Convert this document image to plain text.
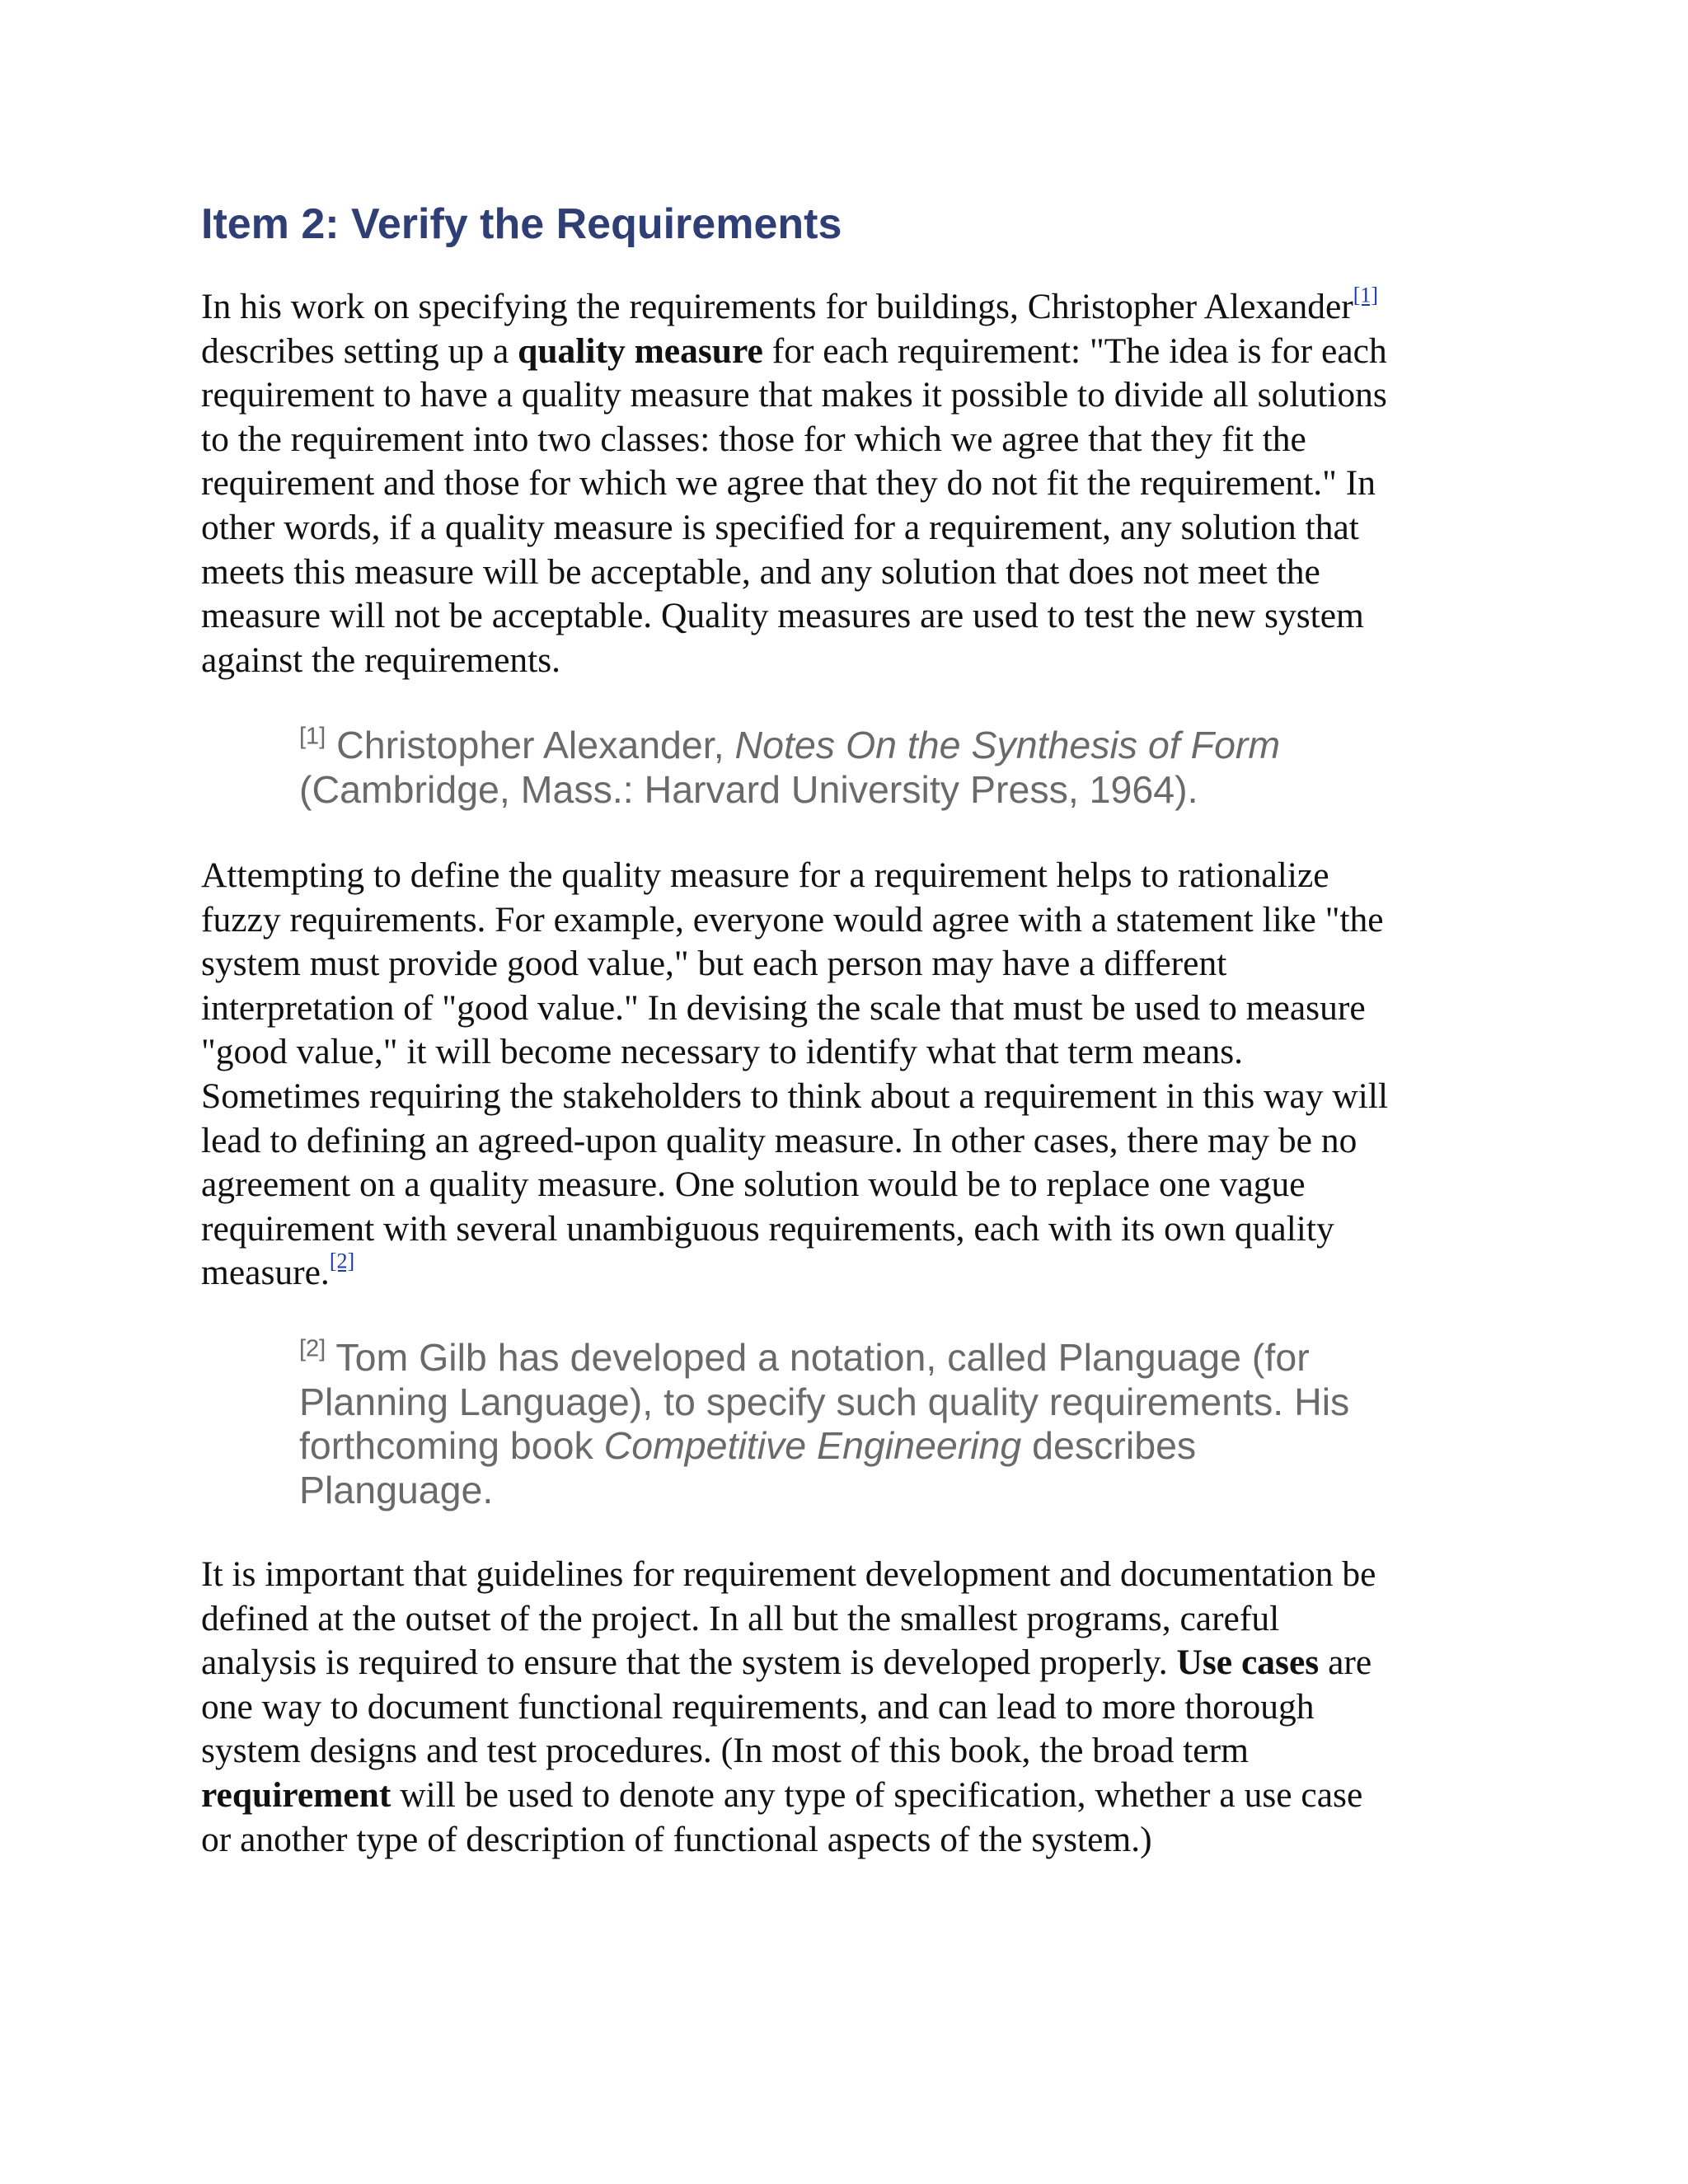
Item 2: Verify the Requirements

In his work on specifying the requirements for buildings, Christopher Alexander[1]
describes setting up a quality measure for each requirement: "The idea is for each
requirement to have a quality measure that makes it possible to divide all solutions
to the requirement into two classes: those for which we agree that they fit the
requirement and those for which we agree that they do not fit the requirement." In
other words, if a quality measure is specified for a requirement, any solution that
meets this measure will be acceptable, and any solution that does not meet the
measure will not be acceptable. Quality measures are used to test the new system
against the requirements.

[1] Christopher Alexander, Notes On the Synthesis of Form
(Cambridge, Mass.: Harvard University Press, 1964).

Attempting to define the quality measure for a requirement helps to rationalize
fuzzy requirements. For example, everyone would agree with a statement like "the
system must provide good value," but each person may have a different
interpretation of "good value." In devising the scale that must be used to measure
"good value," it will become necessary to identify what that term means.
Sometimes requiring the stakeholders to think about a requirement in this way will
lead to defining an agreed-upon quality measure. In other cases, there may be no
agreement on a quality measure. One solution would be to replace one vague
requirement with several unambiguous requirements, each with its own quality
measure.[2]

[2] Tom Gilb has developed a notation, called Planguage (for
Planning Language), to specify such quality requirements. His
forthcoming book Competitive Engineering describes
Planguage.

It is important that guidelines for requirement development and documentation be
defined at the outset of the project. In all but the smallest programs, careful
analysis is required to ensure that the system is developed properly. Use cases are
one way to document functional requirements, and can lead to more thorough
system designs and test procedures. (In most of this book, the broad term
requirement will be used to denote any type of specification, whether a use case
or another type of description of functional aspects of the system.)
